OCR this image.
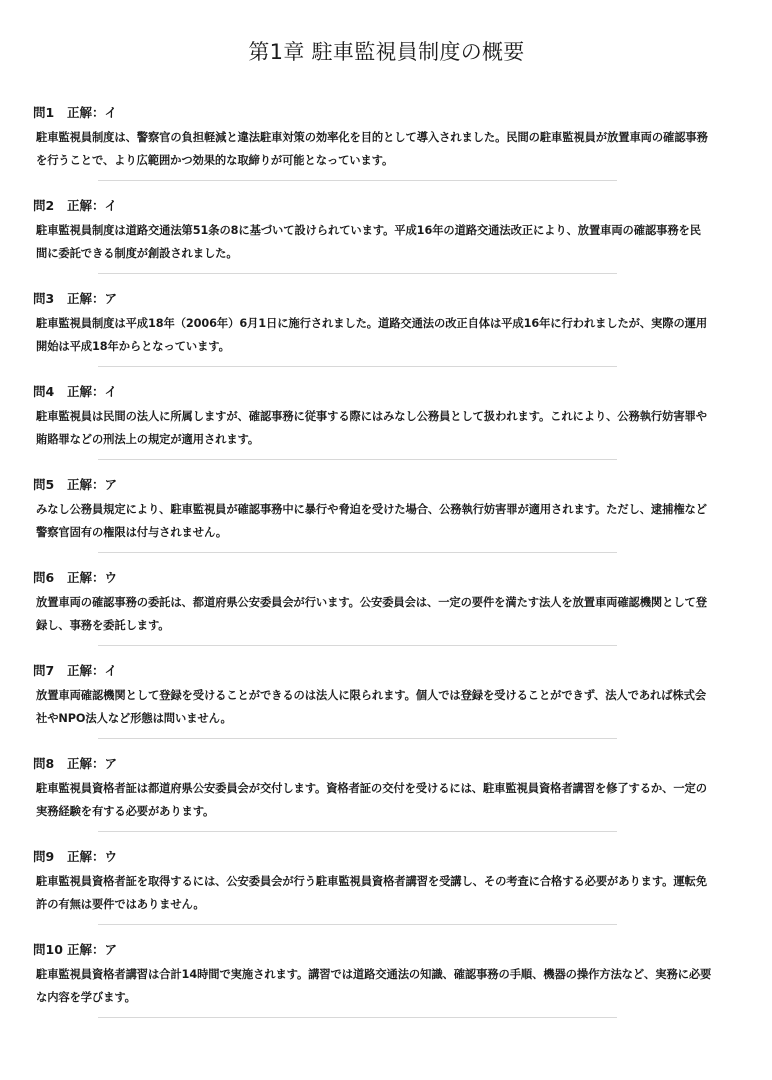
第1章 駐車監視員制度の概要
問1 正解：イ
駐車監視員制度は、警察官の負担軽減と違法駐車対策の効率化を目的として導入されました。民間の駐車監視員が放置車両の確認事務を行うことで、より広範囲かつ効果的な取締りが可能となっています。
問2 正解：イ
駐車監視員制度は道路交通法第51条の8に基づいて設けられています。平成16年の道路交通法改正により、放置車両の確認事務を民間に委託できる制度が創設されました。
問3 正解：ア
駐車監視員制度は平成18年（2006年）6月1日に施行されました。道路交通法の改正自体は平成16年に行われましたが、実際の運用開始は平成18年からとなっています。
問4 正解：イ
駐車監視員は民間の法人に所属しますが、確認事務に従事する際にはみなし公務員として扱われます。これにより、公務執行妨害罪や賄賂罪などの刑法上の規定が適用されます。
問5 正解：ア
みなし公務員規定により、駐車監視員が確認事務中に暴行や脅迫を受けた場合、公務執行妨害罪が適用されます。ただし、逮捕権など警察官固有の権限は付与されません。
問6 正解：ウ
放置車両の確認事務の委託は、都道府県公安委員会が行います。公安委員会は、一定の要件を満たす法人を放置車両確認機関として登録し、事務を委託します。
問7 正解：イ
放置車両確認機関として登録を受けることができるのは法人に限られます。個人では登録を受けることができず、法人であれば株式会社やNPO法人など形態は問いません。
問8 正解：ア
駐車監視員資格者証は都道府県公安委員会が交付します。資格者証の交付を受けるには、駐車監視員資格者講習を修了するか、一定の実務経験を有する必要があります。
問9 正解：ウ
駐車監視員資格者証を取得するには、公安委員会が行う駐車監視員資格者講習を受講し、その考査に合格する必要があります。運転免許の有無は要件ではありません。
問10 正解：ア
駐車監視員資格者講習は合計14時間で実施されます。講習では道路交通法の知識、確認事務の手順、機器の操作方法など、実務に必要な内容を学びます。
